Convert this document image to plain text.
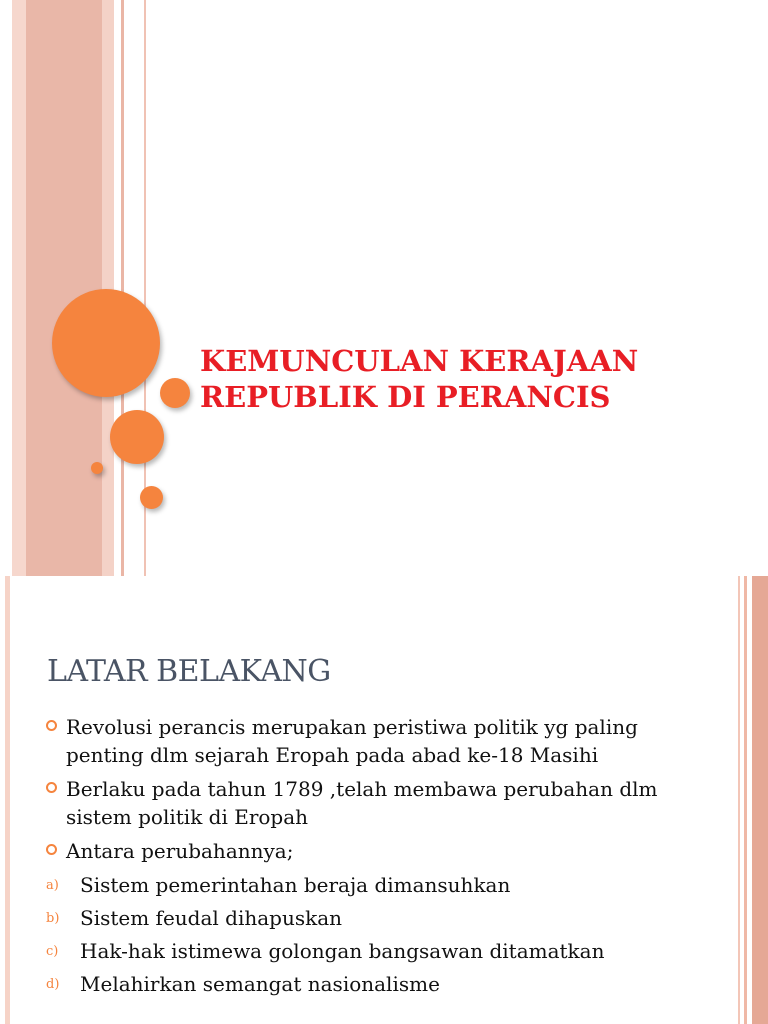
KEMUNCULAN KERAJAAN
REPUBLIK DI PERANCIS
LATAR BELAKANG
Revolusi perancis merupakan peristiwa politik yg paling penting dlm sejarah Eropah pada abad ke-18 Masihi
Berlaku pada tahun 1789 ,telah membawa perubahan dlm sistem politik di Eropah
Antara perubahannya;
a) Sistem pemerintahan beraja dimansuhkan
b) Sistem feudal dihapuskan
c) Hak-hak istimewa golongan bangsawan ditamatkan
d) Melahirkan semangat nasionalisme
